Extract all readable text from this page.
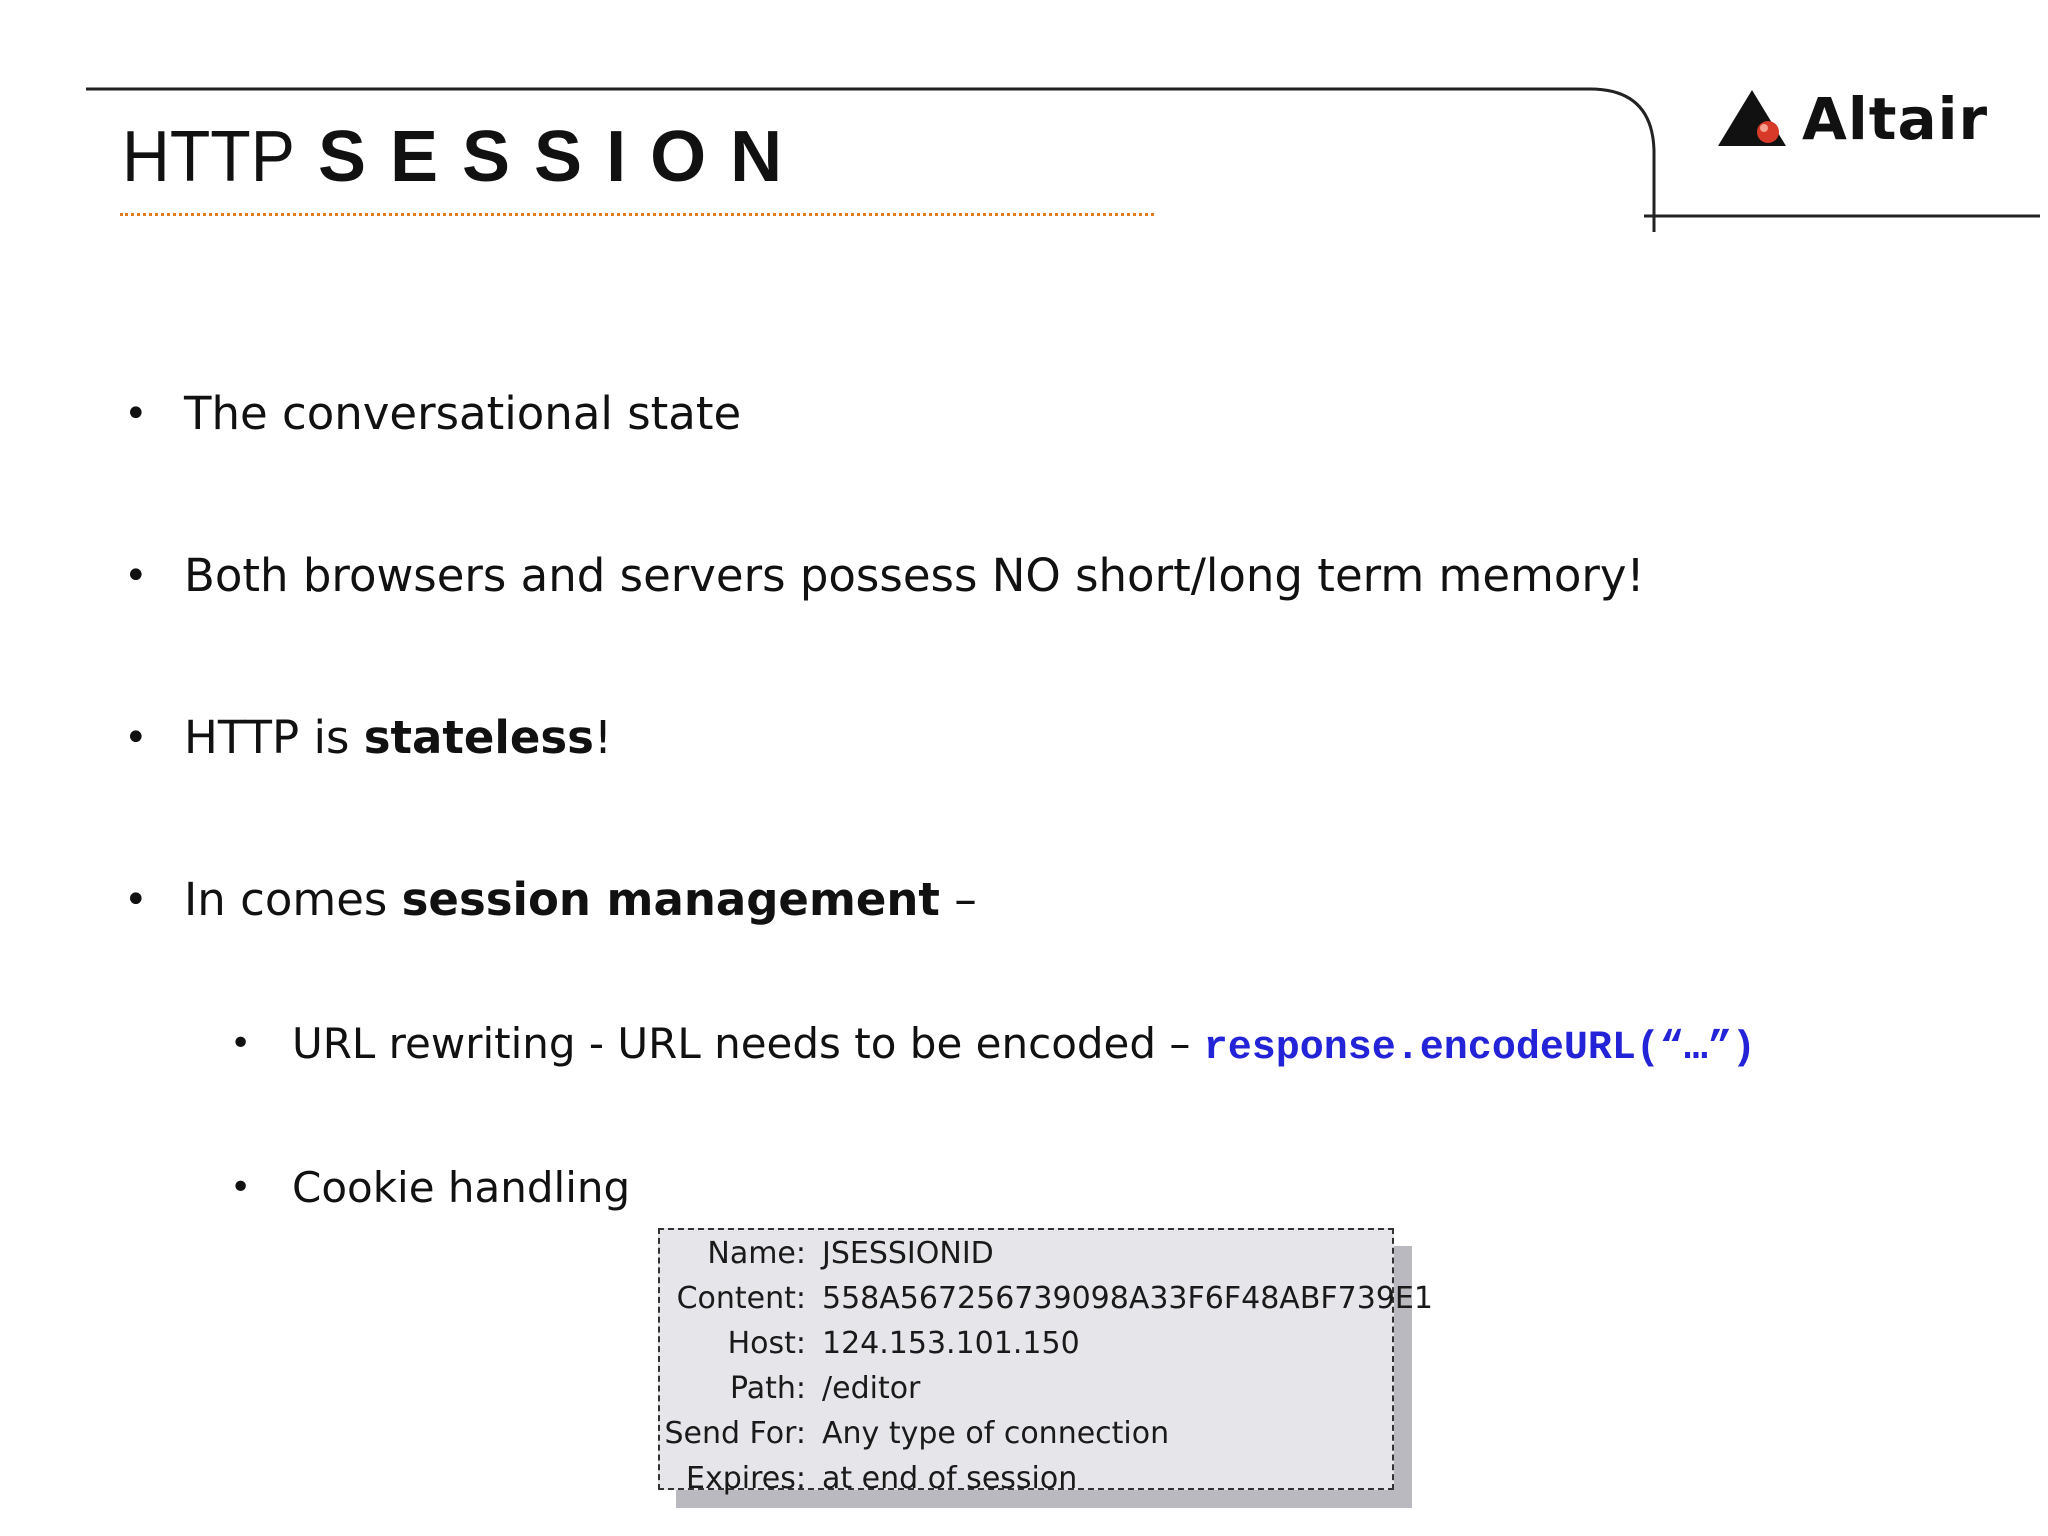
HTTP SESSION	Altair
• The conversational state
• Both browsers and servers possess NO short/long term memory!
• HTTP is stateless!
• In comes session management –
• URL rewriting - URL needs to be encoded – response.encodeURL(“…”)
• Cookie handling
Name: JSESSIONID
Content: 558A567256739098A33F6F48ABF739E1
Host: 124.153.101.150
Path: /editor
Send For: Any type of connection
Expires: at end of session
